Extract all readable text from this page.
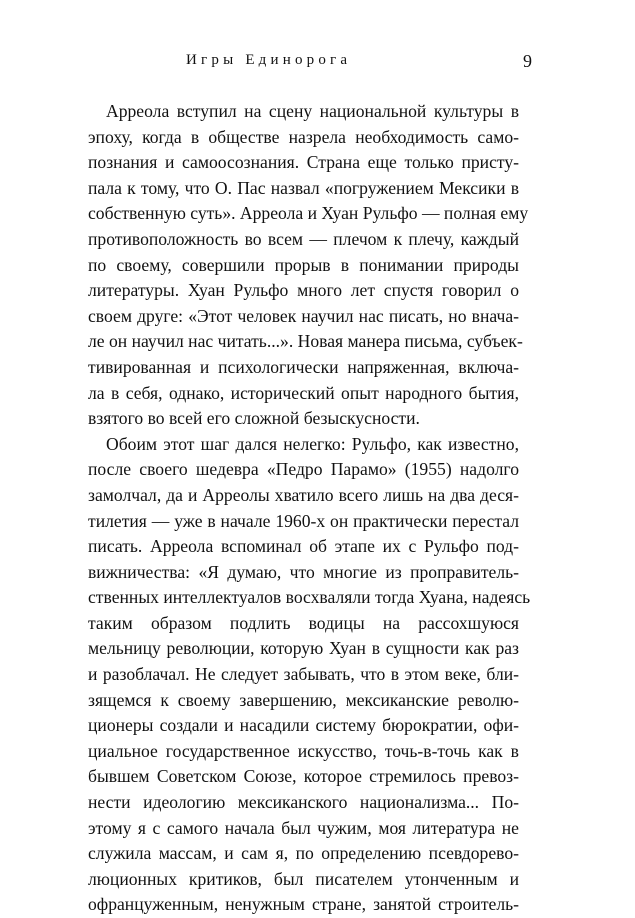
Игры Единорога	9
Арреола вступил на сцену национальной культуры в
эпоху, когда в обществе назрела необходимость само-
познания и самоосознания. Страна еще только присту-
пала к тому, что О. Пас назвал «погружением Мексики в
собственную суть». Арреола и Хуан Рульфо — полная ему
противоположность во всем — плечом к плечу, каждый
по своему, совершили прорыв в понимании природы
литературы. Хуан Рульфо много лет спустя говорил о
своем друге: «Этот человек научил нас писать, но внача-
ле он научил нас читать...». Новая манера письма, субъек-
тивированная и психологически напряженная, включа-
ла в себя, однако, исторический опыт народного бытия,
взятого во всей его сложной безыскусности.
Обоим этот шаг дался нелегко: Рульфо, как известно,
после своего шедевра «Педро Парамо» (1955) надолго
замолчал, да и Арреолы хватило всего лишь на два деся-
тилетия — уже в начале 1960-х он практически перестал
писать. Арреола вспоминал об этапе их с Рульфо под-
вижничества: «Я думаю, что многие из проправитель-
ственных интеллектуалов восхваляли тогда Хуана, надеясь
таким образом подлить водицы на рассохшуюся
мельницу революции, которую Хуан в сущности как раз
и разоблачал. Не следует забывать, что в этом веке, бли-
зящемся к своему завершению, мексиканские револю-
ционеры создали и насадили систему бюрократии, офи-
циальное государственное искусство, точь-в-точь как в
бывшем Советском Союзе, которое стремилось превоз-
нести идеологию мексиканского национализма... По-
этому я с самого начала был чужим, моя литература не
служила массам, и сам я, по определению псевдорево-
люционных критиков, был писателем утонченным и
офранцуженным, ненужным стране, занятой строитель-
